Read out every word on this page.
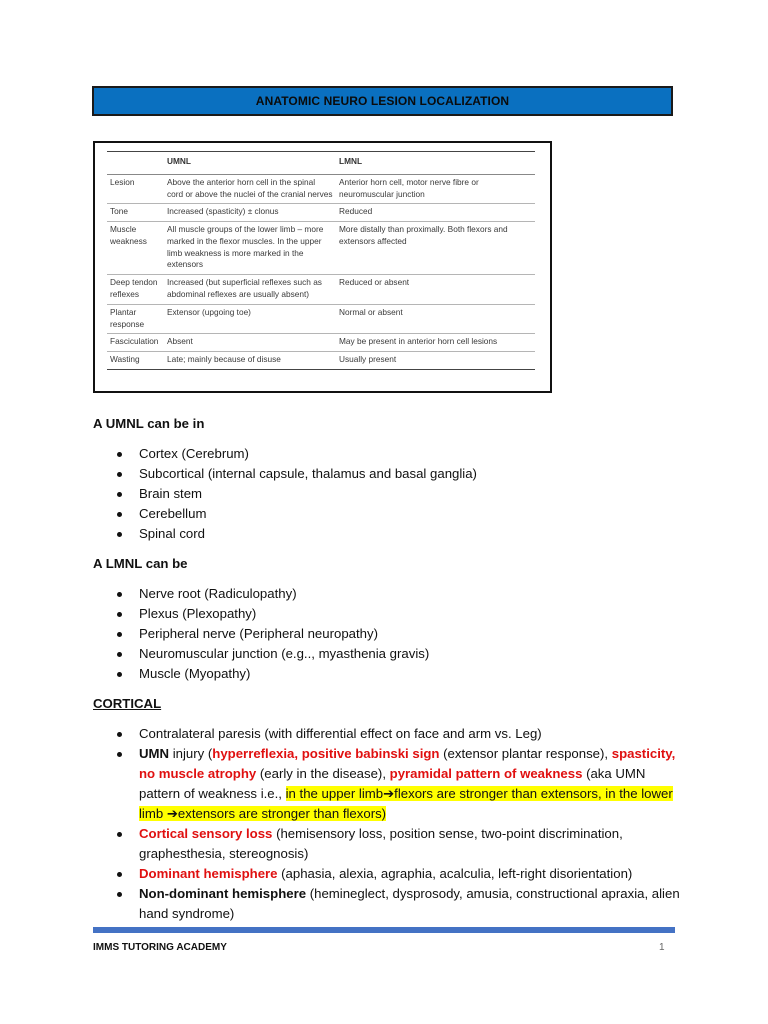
ANATOMIC NEURO LESION LOCALIZATION
	UMNL	LMNL
Lesion	Above the anterior horn cell in the spinal cord or above the nuclei of the cranial nerves	Anterior horn cell, motor nerve fibre or neuromuscular junction
Tone	Increased (spasticity) ± clonus	Reduced
Muscle weakness	All muscle groups of the lower limb – more marked in the flexor muscles. In the upper limb weakness is more marked in the extensors	More distally than proximally. Both flexors and extensors affected
Deep tendon reflexes	Increased (but superficial reflexes such as abdominal reflexes are usually absent)	Reduced or absent
Plantar response	Extensor (upgoing toe)	Normal or absent
Fasciculation	Absent	May be present in anterior horn cell lesions
Wasting	Late; mainly because of disuse	Usually present
A UMNL can be in
Cortex (Cerebrum)
Subcortical (internal capsule, thalamus and basal ganglia)
Brain stem
Cerebellum
Spinal cord
A LMNL can be
Nerve root (Radiculopathy)
Plexus (Plexopathy)
Peripheral nerve (Peripheral neuropathy)
Neuromuscular junction (e.g.., myasthenia gravis)
Muscle (Myopathy)
CORTICAL
Contralateral paresis (with differential effect on face and arm vs. Leg)
UMN injury (hyperreflexia, positive babinski sign (extensor plantar response), spasticity, no muscle atrophy (early in the disease), pyramidal pattern of weakness (aka UMN pattern of weakness i.e., in the upper limb➔flexors are stronger than extensors, in the lower limb ➔extensors are stronger than flexors)
Cortical sensory loss (hemisensory loss, position sense, two-point discrimination, graphesthesia, stereognosis)
Dominant hemisphere (aphasia, alexia, agraphia, acalculia, left-right disorientation)
Non-dominant hemisphere (hemineglect, dysprosody, amusia, constructional apraxia, alien hand syndrome)
IMMS TUTORING ACADEMY	1
